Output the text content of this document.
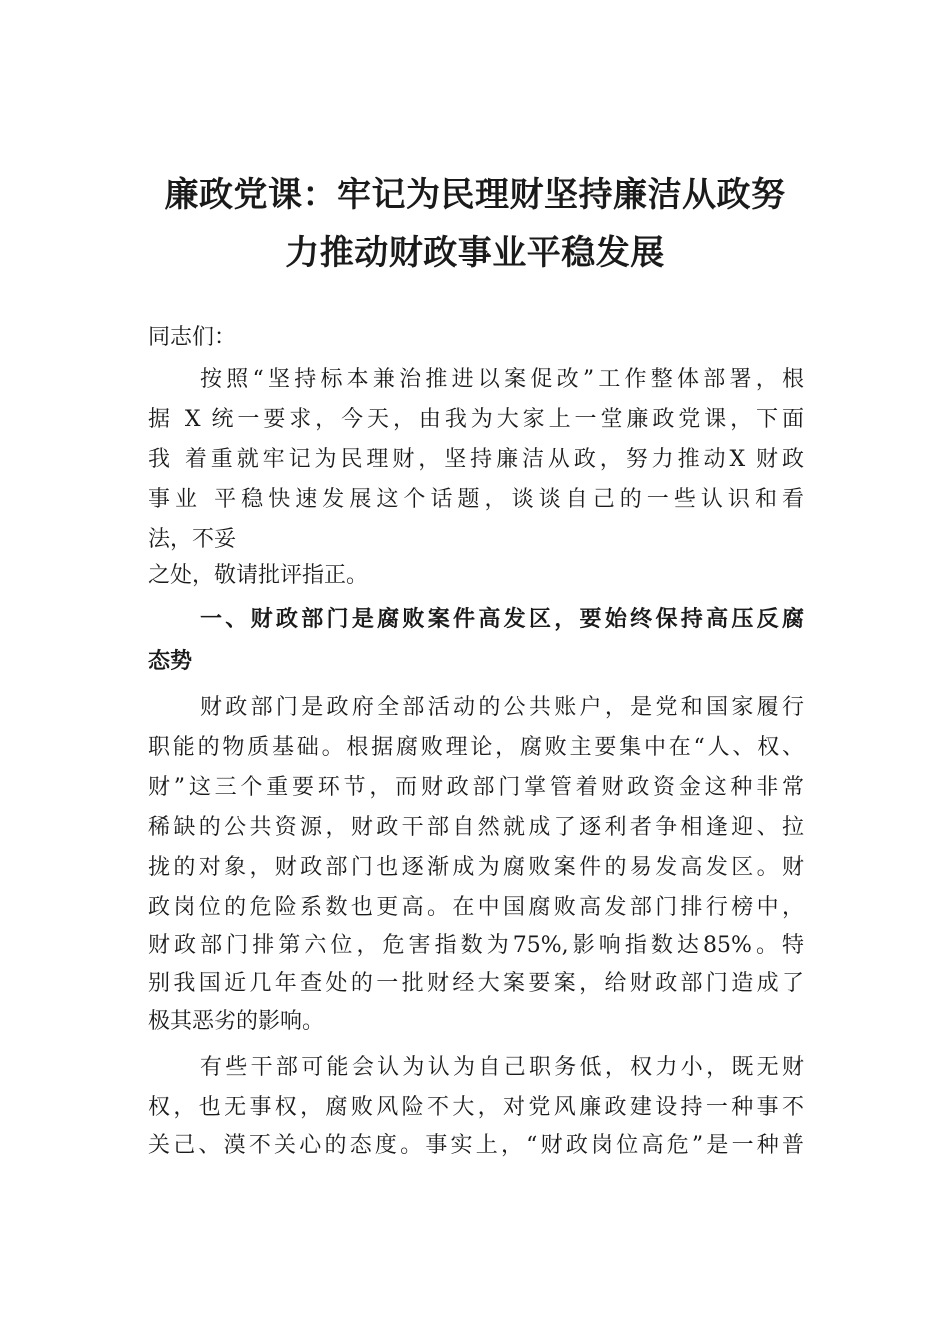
廉政党课：牢记为民理财坚持廉洁从政努
力推动财政事业平稳发展

同志们：

按照“坚持标本兼治推进以案促改”工作整体部署，根

据 X 统一要求，今天，由我为大家上一堂廉政党课，下面

我 着重就牢记为民理财，坚持廉洁从政，努力推动X 财政

事业 平稳快速发展这个话题，谈谈自己的一些认识和看

法，不妥

之处，敬请批评指正。

一、财政部门是腐败案件高发区，要始终保持高压反腐

态势

财政部门是政府全部活动的公共账户，是党和国家履行

职能的物质基础。根据腐败理论，腐败主要集中在“人、权、

财”这三个重要环节，而财政部门掌管着财政资金这种非常

稀缺的公共资源，财政干部自然就成了逐利者争相逢迎、拉

拢的对象，财政部门也逐渐成为腐败案件的易发高发区。财

政岗位的危险系数也更高。在中国腐败高发部门排行榜中，

财政部门排第六位，危害指数为75%,影响指数达85%。特

别我国近几年查处的一批财经大案要案，给财政部门造成了

极其恶劣的影响。

有些干部可能会认为认为自己职务低，权力小，既无财

权，也无事权，腐败风险不大，对党风廉政建设持一种事不

关己、漠不关心的态度。事实上，“财政岗位高危”是一种普
